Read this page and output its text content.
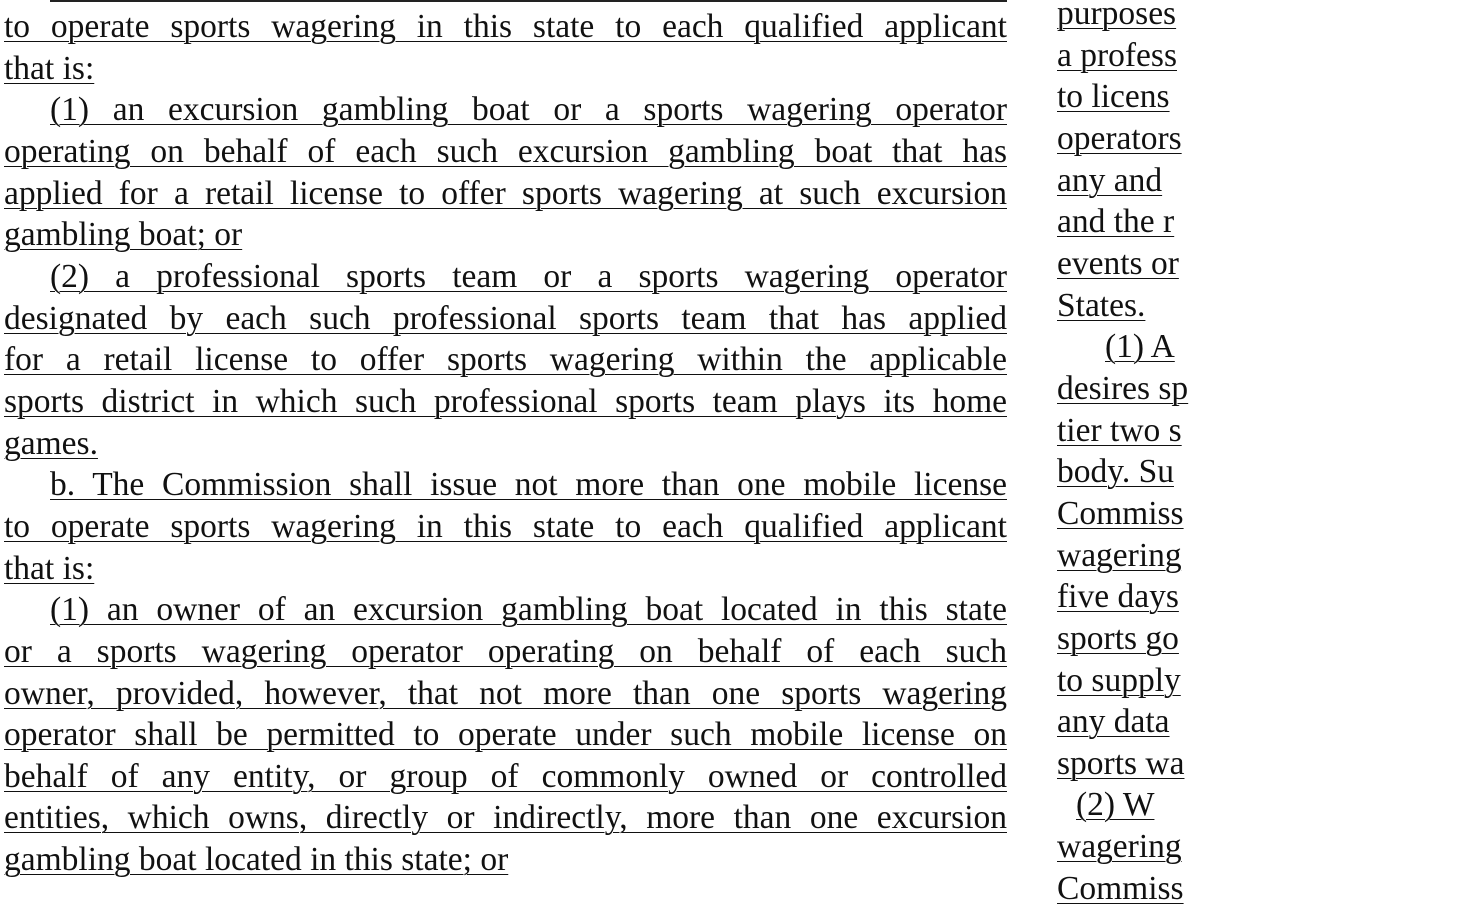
to operate sports wagering in this state to each qualified applicant
that is:
(1) an excursion gambling boat or a sports wagering operator
operating on behalf of each such excursion gambling boat that has
applied for a retail license to offer sports wagering at such excursion
gambling boat; or
(2) a professional sports team or a sports wagering operator
designated by each such professional sports team that has applied
for a retail license to offer sports wagering within the applicable
sports district in which such professional sports team plays its home
games.
b. The Commission shall issue not more than one mobile license
to operate sports wagering in this state to each qualified applicant
that is:
(1) an owner of an excursion gambling boat located in this state
or a sports wagering operator operating on behalf of each such
owner, provided, however, that not more than one sports wagering
operator shall be permitted to operate under such mobile license on
behalf of any entity, or group of commonly owned or controlled
entities, which owns, directly or indirectly, more than one excursion
gambling boat located in this state; or
purposes
a profess
to licens
operators
any and
and the r
events or
States.
(1) A
desires sp
tier two s
body. Su
Commiss
wagering
five days
sports go
to supply
any data
sports wa
(2) W
wagering
Commiss
